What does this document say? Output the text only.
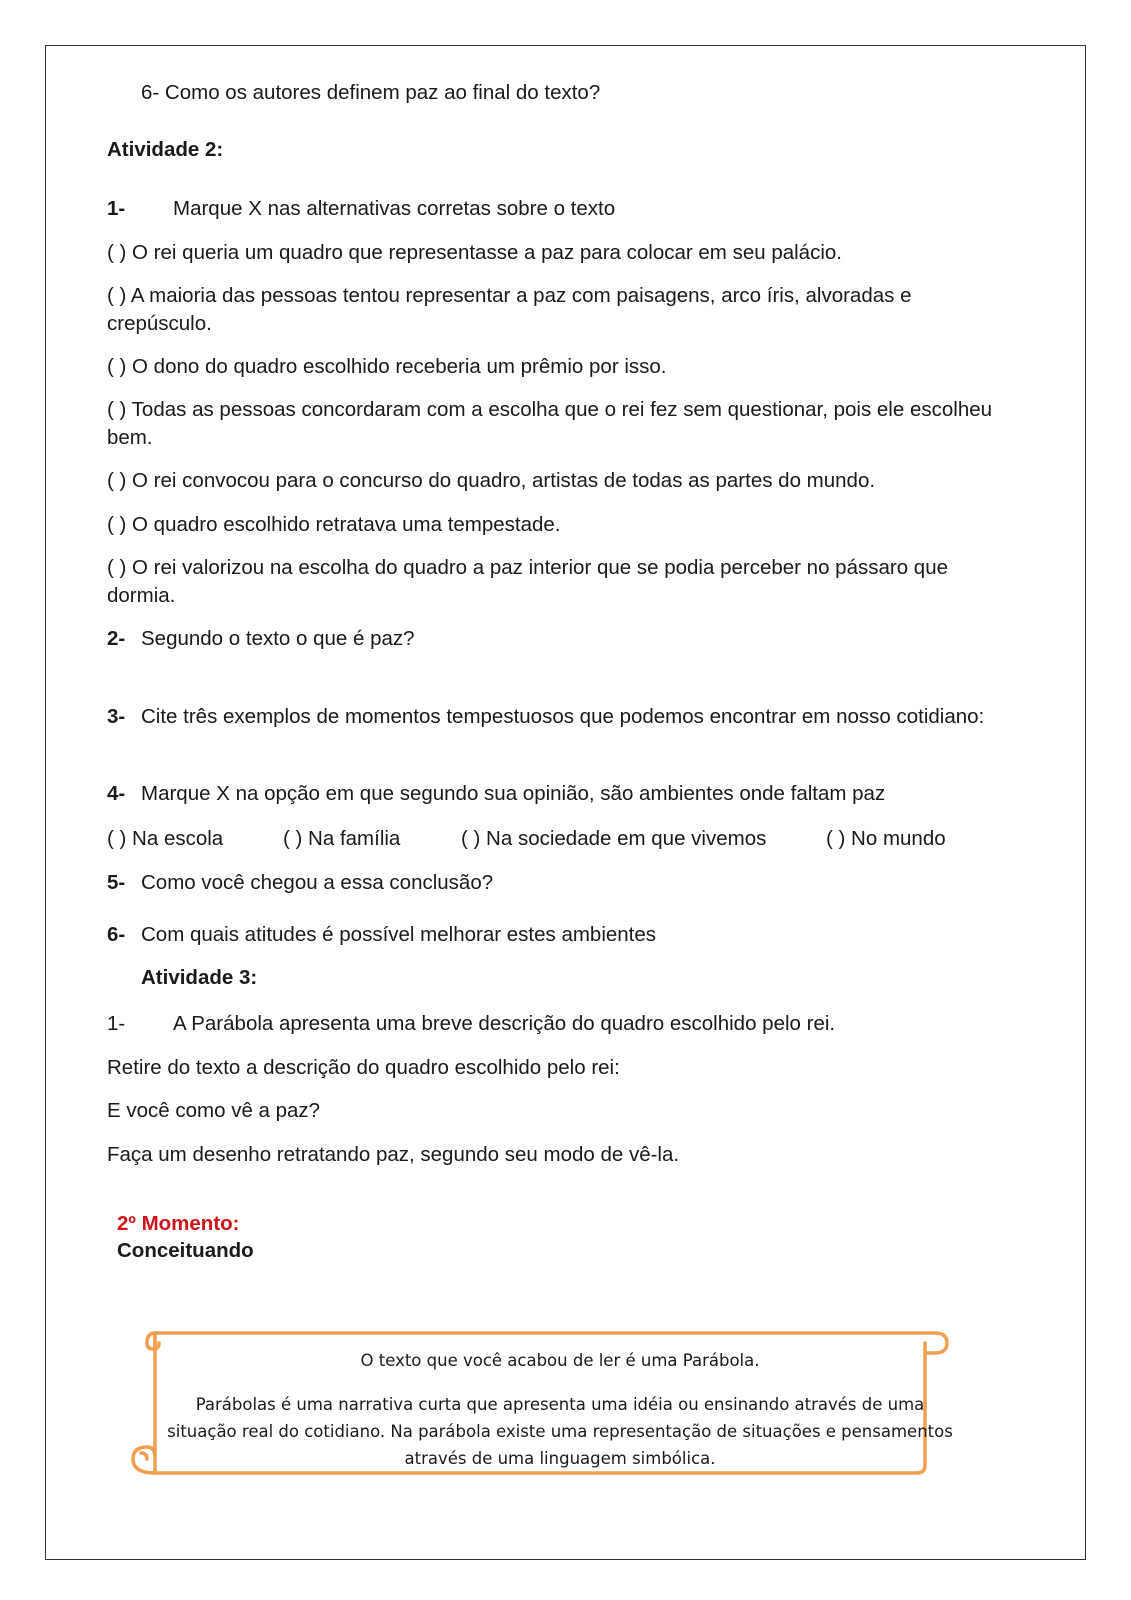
6- Como os autores definem paz ao final do texto?
Atividade 2:
1- Marque X nas alternativas corretas sobre o texto
( ) O rei queria um quadro que representasse a paz para colocar em seu palácio.
( ) A maioria das pessoas tentou representar a paz com paisagens, arco íris, alvoradas e crepúsculo.
( ) O dono do quadro escolhido receberia um prêmio por isso.
( ) Todas as pessoas concordaram com a escolha que o rei fez sem questionar, pois ele escolheu bem.
( ) O rei convocou para o concurso do quadro, artistas de todas as partes do mundo.
( ) O quadro escolhido retratava uma tempestade.
( ) O rei valorizou na escolha do quadro a paz interior que se podia perceber no pássaro que dormia.
2- Segundo o texto o que é paz?
3- Cite três exemplos de momentos tempestuosos que podemos encontrar em nosso cotidiano:
4- Marque X na opção em que segundo sua opinião, são ambientes onde faltam paz
( ) Na escola	( ) Na família	( ) Na sociedade em que vivemos	( ) No mundo
5- Como você chegou a essa conclusão?
6- Com quais atitudes é possível melhorar estes ambientes
Atividade 3:
1- A Parábola apresenta uma breve descrição do quadro escolhido pelo rei.
Retire do texto a descrição do quadro escolhido pelo rei:
E você como vê a paz?
Faça um desenho retratando paz, segundo seu modo de vê-la.
2º Momento:
Conceituando
O texto que você acabou de ler é uma Parábola.
Parábolas é uma narrativa curta que apresenta uma idéia ou ensinando através de uma situação real do cotidiano. Na parábola existe uma representação de situações e pensamentos através de uma linguagem simbólica.
